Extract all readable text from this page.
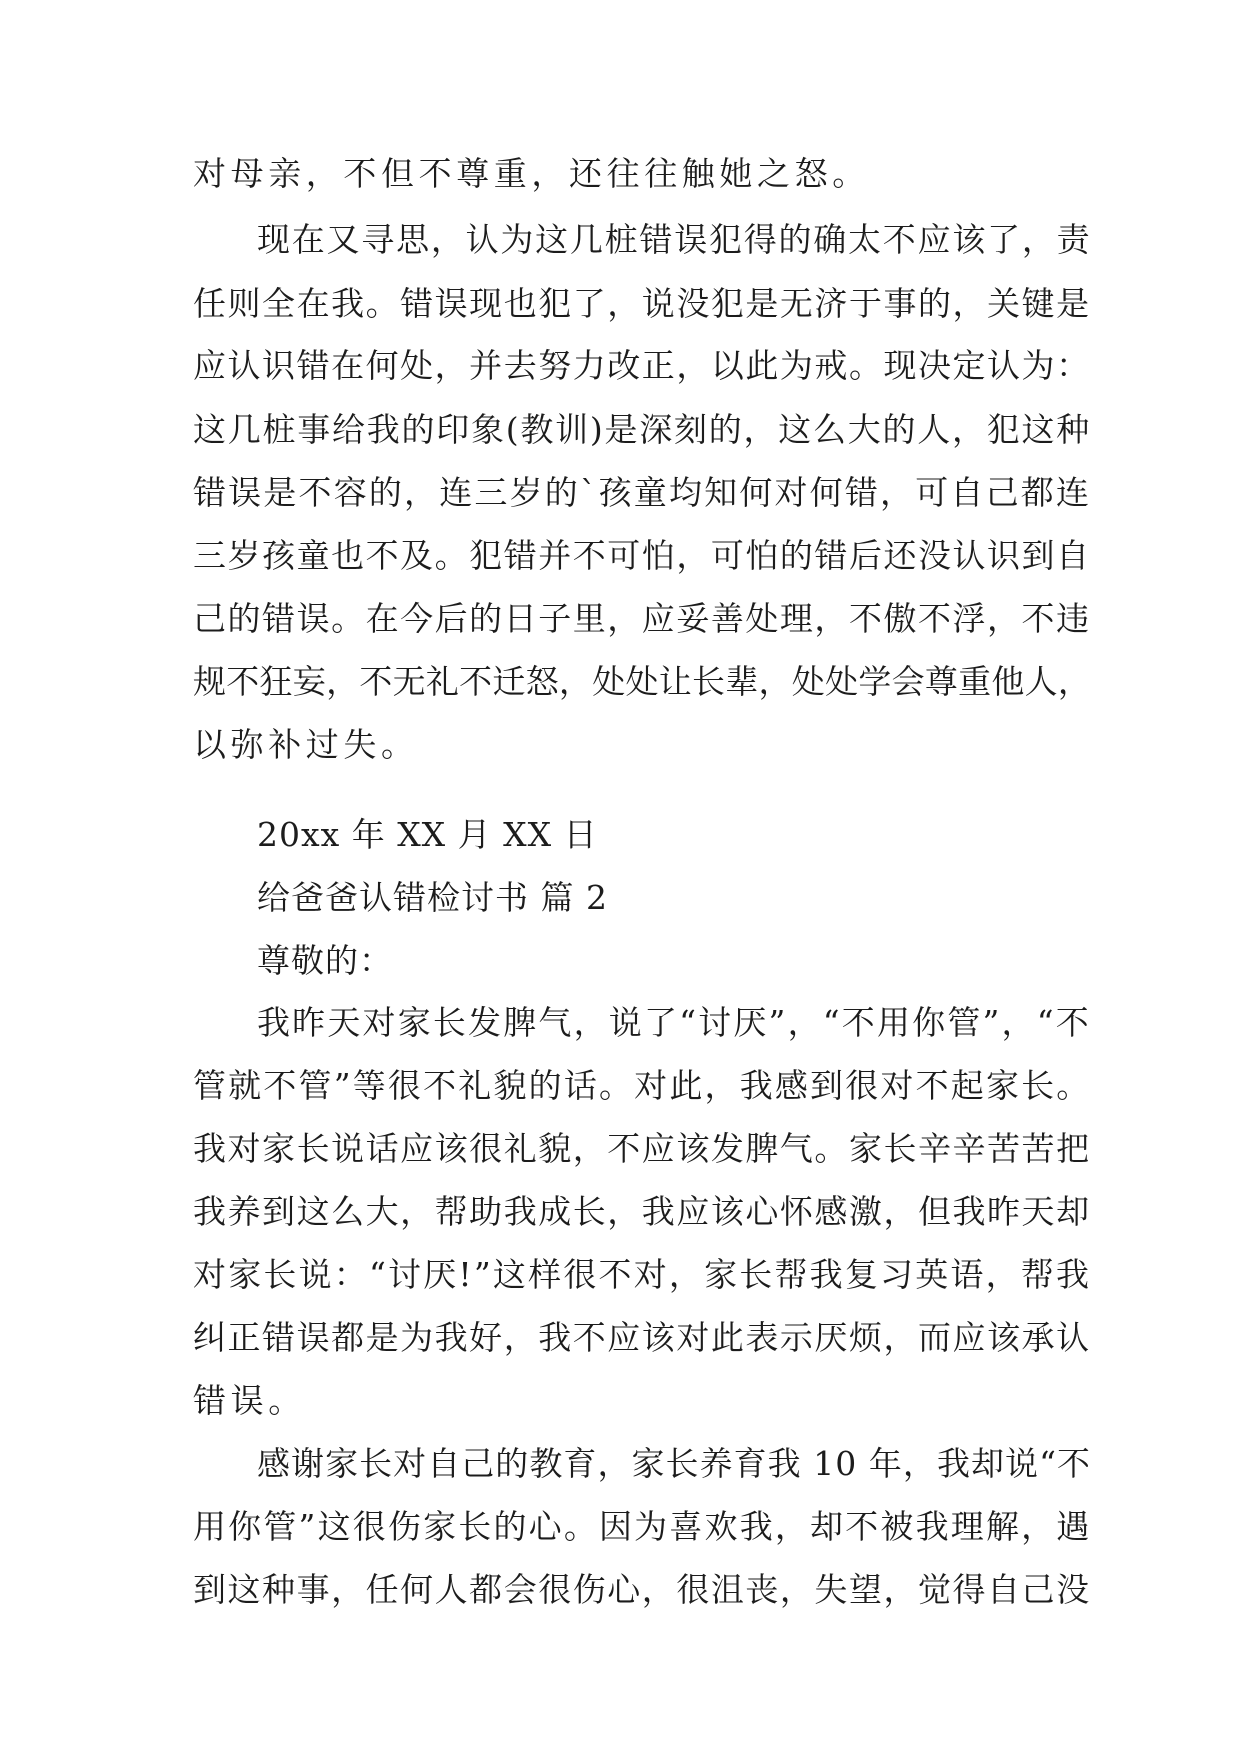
对母亲，不但不尊重，还往往触她之怒。
现在又寻思，认为这几桩错误犯得的确太不应该了，责
任则全在我。错误现也犯了，说没犯是无济于事的，关键是
应认识错在何处，并去努力改正，以此为戒。现决定认为：
这几桩事给我的印象(教训)是深刻的，这么大的人，犯这种
错误是不容的，连三岁的`孩童均知何对何错，可自己都连
三岁孩童也不及。犯错并不可怕，可怕的错后还没认识到自
己的错误。在今后的日子里，应妥善处理，不傲不浮，不违
规不狂妄，不无礼不迁怒，处处让长辈，处处学会尊重他人，
以弥补过失。
20xx 年 XX 月 XX 日
给爸爸认错检讨书 篇 2
尊敬的：
我昨天对家长发脾气，说了“讨厌”，“不用你管”，“不
管就不管”等很不礼貌的话。对此，我感到很对不起家长。
我对家长说话应该很礼貌，不应该发脾气。家长辛辛苦苦把
我养到这么大，帮助我成长，我应该心怀感激，但我昨天却
对家长说：“讨厌!”这样很不对，家长帮我复习英语，帮我
纠正错误都是为我好，我不应该对此表示厌烦，而应该承认
错误。
感谢家长对自己的教育，家长养育我 10 年，我却说“不
用你管”这很伤家长的心。因为喜欢我，却不被我理解，遇
到这种事，任何人都会很伤心，很沮丧，失望，觉得自己没
